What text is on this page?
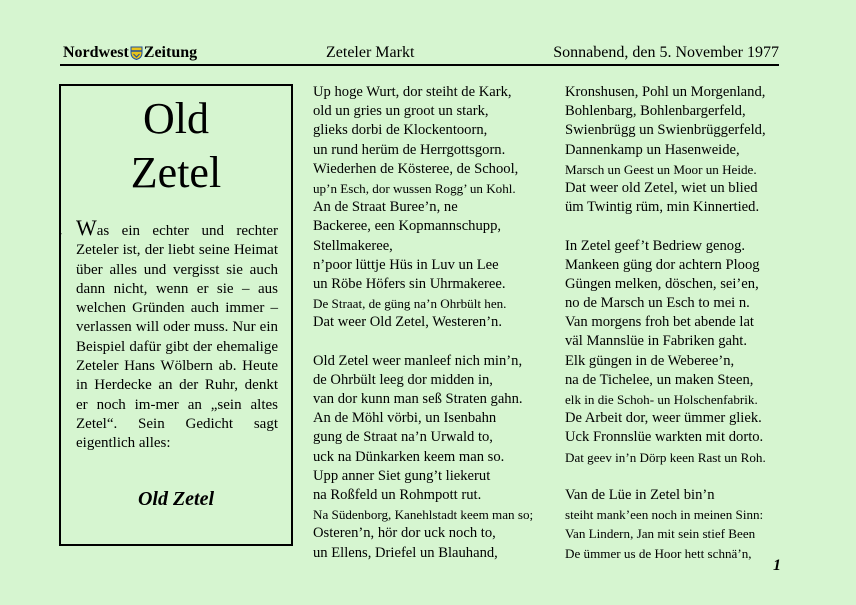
Nordwest Zeitung	Zeteler Markt	Sonnabend, den 5. November 1977
Old
Zetel
- Was ein echter und rechter Zeteler ist, der liebt seine Heimat über alles und vergisst sie auch dann nicht, wenn er sie – aus welchen Gründen auch immer – verlassen will oder muss. Nur ein Beispiel dafür gibt der ehemalige Zeteler Hans Wölbern ab. Heute in Herdecke an der Ruhr, denkt er noch im-mer an „sein altes Zetel“. Sein Gedicht sagt eigentlich alles:
Old Zetel
Up hoge Wurt, dor steiht de Kark,
old un gries un groot un stark,
glieks dorbi de Klockentoorn,
un rund herüm de Herrgottsgorn.
Wiederhen de Kösteree, de School,
up’n Esch, dor wussen Rogg’ un Kohl.
An de Straat Buree’n, ne
Backeree, een Kopmannschupp,
Stellmakeree,
n’poor lüttje Hüs in Luv un Lee
un Röbe Höfers sin Uhrmakeree.
De Straat, de güng na’n Ohrbült hen.
Dat weer Old Zetel, Westeren’n.
Old Zetel weer manleef nich min’n,
de Ohrbült leeg dor midden in,
van dor kunn man seß Straten gahn.
An de Möhl vörbi, un Isenbahn
gung de Straat na’n Urwald to,
uck na Dünkarken keem man so.
Upp anner Siet gung’t liekerut
na Roßfeld un Rohmpott rut.
Na Südenborg, Kanehlstadt keem man so;
Osteren’n, hör dor uck noch to,
un Ellens, Driefel un Blauhand,
Kronshusen, Pohl un Morgenland,
Bohlenbarg, Bohlenbargerfeld,
Swienbrügg un Swienbrüggerfeld,
Dannenkamp un Hasenweide,
Marsch un Geest un Moor un Heide.
Dat weer old Zetel, wiet un blied
üm Twintig rüm, min Kinnertied.
In Zetel geef’t Bedriew genog.
Mankeen güng dor achtern Ploog
Güngen melken, döschen, sei’en,
no de Marsch un Esch to mei n.
Van morgens froh bet abende lat
väl Mannslüe in Fabriken gaht.
Elk güngen in de Weberee’n,
na de Tichelee, un maken Steen,
elk in die Schoh- un Holschenfabrik.
De Arbeit dor, weer ümmer gliek.
Uck Fronnslüe warkten mit dorto.
Dat geev in’n Dörp keen Rast un Roh.
Van de Lüe in Zetel bin’n
steiht mank’een noch in meinen Sinn:
Van Lindern, Jan mit sein stief Been
De ümmer us de Hoor hett schnä’n,
1
